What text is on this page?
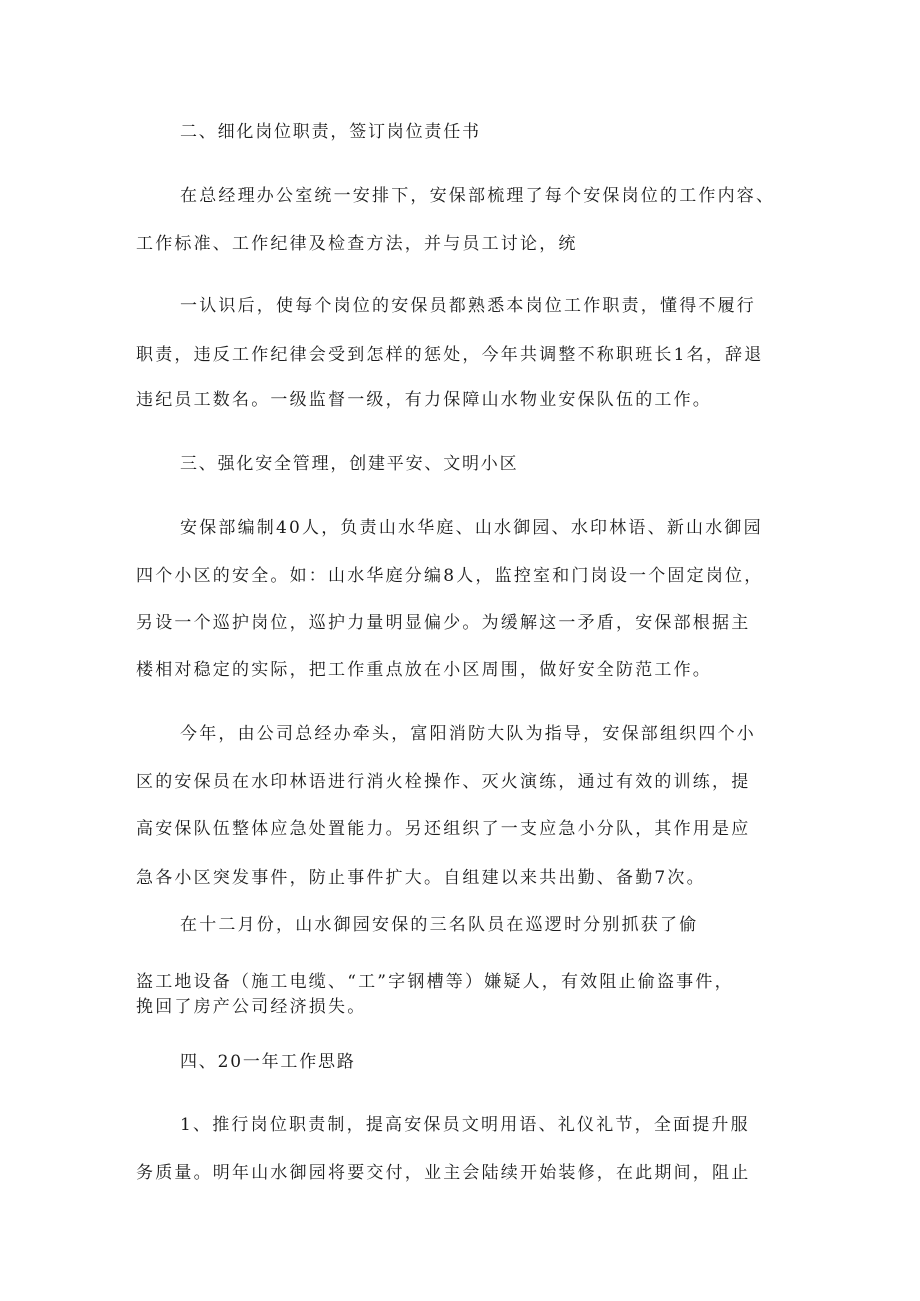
二、细化岗位职责，签订岗位责任书
在总经理办公室统一安排下，安保部梳理了每个安保岗位的工作内容、
工作标准、工作纪律及检查方法，并与员工讨论，统
一认识后，使每个岗位的安保员都熟悉本岗位工作职责，懂得不履行
职责，违反工作纪律会受到怎样的惩处，今年共调整不称职班长1名，辞退
违纪员工数名。一级监督一级，有力保障山水物业安保队伍的工作。
三、强化安全管理，创建平安、文明小区
安保部编制40人，负责山水华庭、山水御园、水印林语、新山水御园
四个小区的安全。如：山水华庭分编8人，监控室和门岗设一个固定岗位，
另设一个巡护岗位，巡护力量明显偏少。为缓解这一矛盾，安保部根据主
楼相对稳定的实际，把工作重点放在小区周围，做好安全防范工作。
今年，由公司总经办牵头，富阳消防大队为指导，安保部组织四个小
区的安保员在水印林语进行消火栓操作、灭火演练，通过有效的训练，提
高安保队伍整体应急处置能力。另还组织了一支应急小分队，其作用是应
急各小区突发事件，防止事件扩大。自组建以来共出勤、备勤7次。
在十二月份，山水御园安保的三名队员在巡逻时分别抓获了偷
盗工地设备（施工电缆、“工”字钢槽等）嫌疑人，有效阻止偷盗事件，
挽回了房产公司经济损失。
四、20一年工作思路
1、推行岗位职责制，提高安保员文明用语、礼仪礼节，全面提升服
务质量。明年山水御园将要交付，业主会陆续开始装修，在此期间，阻止
